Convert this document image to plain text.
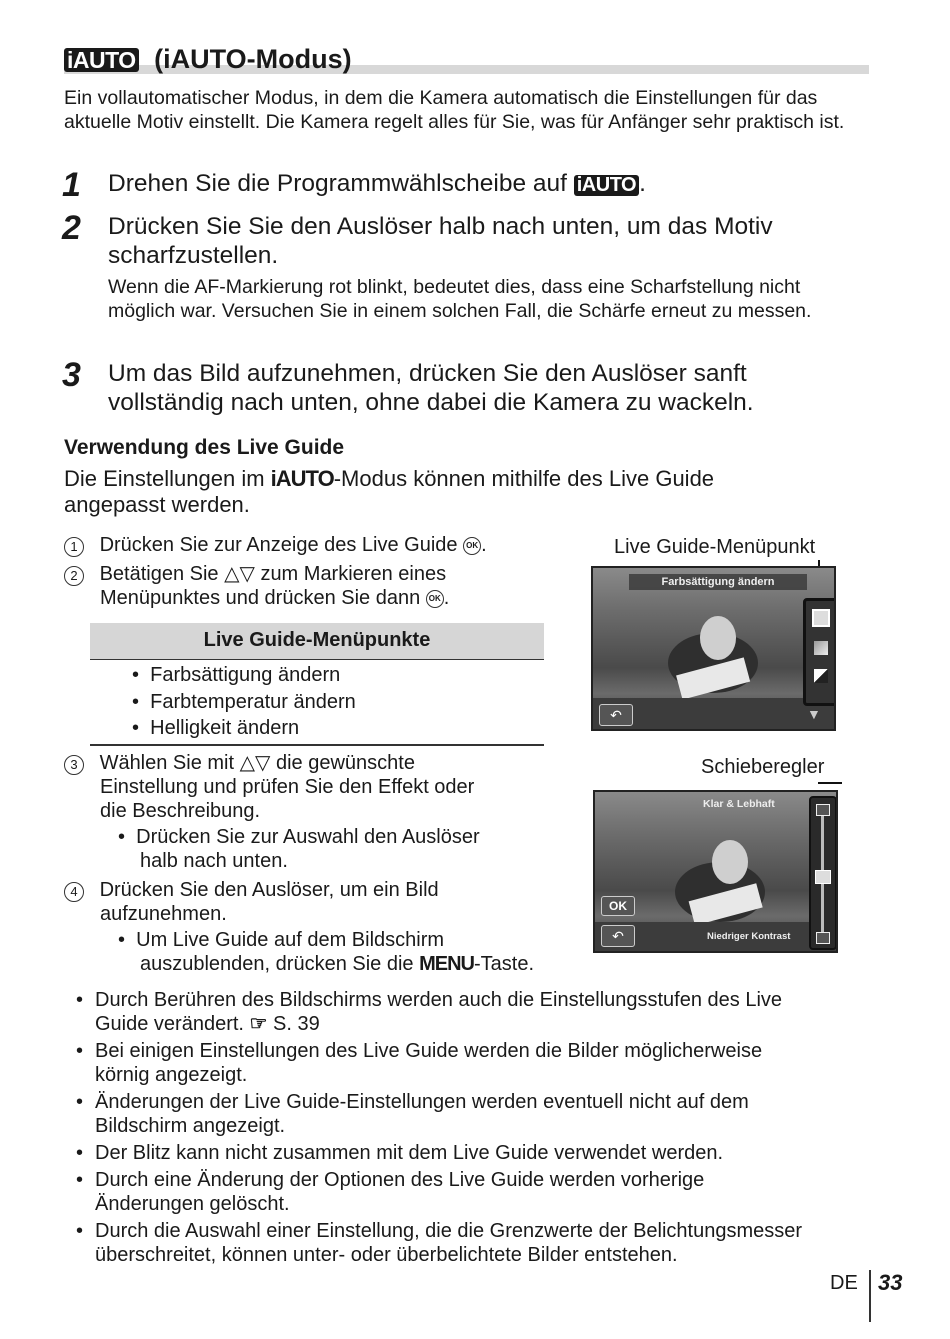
iAUTO (iAUTO-Modus)
Ein vollautomatischer Modus, in dem die Kamera automatisch die Einstellungen für das aktuelle Motiv einstellt. Die Kamera regelt alles für Sie, was für Anfänger sehr praktisch ist.
1 Drehen Sie die Programmwählscheibe auf iAUTO .
2 Drücken Sie Sie den Auslöser halb nach unten, um das Motiv
scharfzustellen.
Wenn die AF-Markierung rot blinkt, bedeutet dies, dass eine Scharfstellung nicht möglich war. Versuchen Sie in einem solchen Fall, die Schärfe erneut zu messen.
3 Um das Bild aufzunehmen, drücken Sie den Auslöser sanft
vollständig nach unten, ohne dabei die Kamera zu wackeln.
Verwendung des Live Guide
Die Einstellungen im iAUTO-Modus können mithilfe des Live Guide
angepasst werden.
1 Drücken Sie zur Anzeige des Live Guide OK .
2 Betätigen Sie △▽ zum Markieren eines
Menüpunktes und drücken Sie dann OK .
Live Guide-Menüpunkte
•  Farbsättigung ändern
•  Farbtemperatur ändern
•  Helligkeit ändern
3 Wählen Sie mit △▽ die gewünschte
Einstellung und prüfen Sie den Effekt oder
die Beschreibung.
•  Drücken Sie zur Auswahl den Auslöser
halb nach unten.
4 Drücken Sie den Auslöser, um ein Bild
aufzunehmen.
•  Um Live Guide auf dem Bildschirm
auszublenden, drücken Sie die MENU-Taste.
Live Guide-Menüpunkt
Farbsättigung ändern
↶	▼
Schieberegler
Klar & Lebhaft
Niedriger Kontrast
OK
↶
• Durch Berühren des Bildschirms werden auch die Einstellungsstufen des Live
Guide verändert. ☞ S. 39
• Bei einigen Einstellungen des Live Guide werden die Bilder möglicherweise
körnig angezeigt.
• Änderungen der Live Guide-Einstellungen werden eventuell nicht auf dem
Bildschirm angezeigt.
• Der Blitz kann nicht zusammen mit dem Live Guide verwendet werden.
• Durch eine Änderung der Optionen des Live Guide werden vorherige
Änderungen gelöscht.
• Durch die Auswahl einer Einstellung, die die Grenzwerte der Belichtungsmesser
überschreitet, können unter- oder überbelichtete Bilder entstehen.
DE 33
